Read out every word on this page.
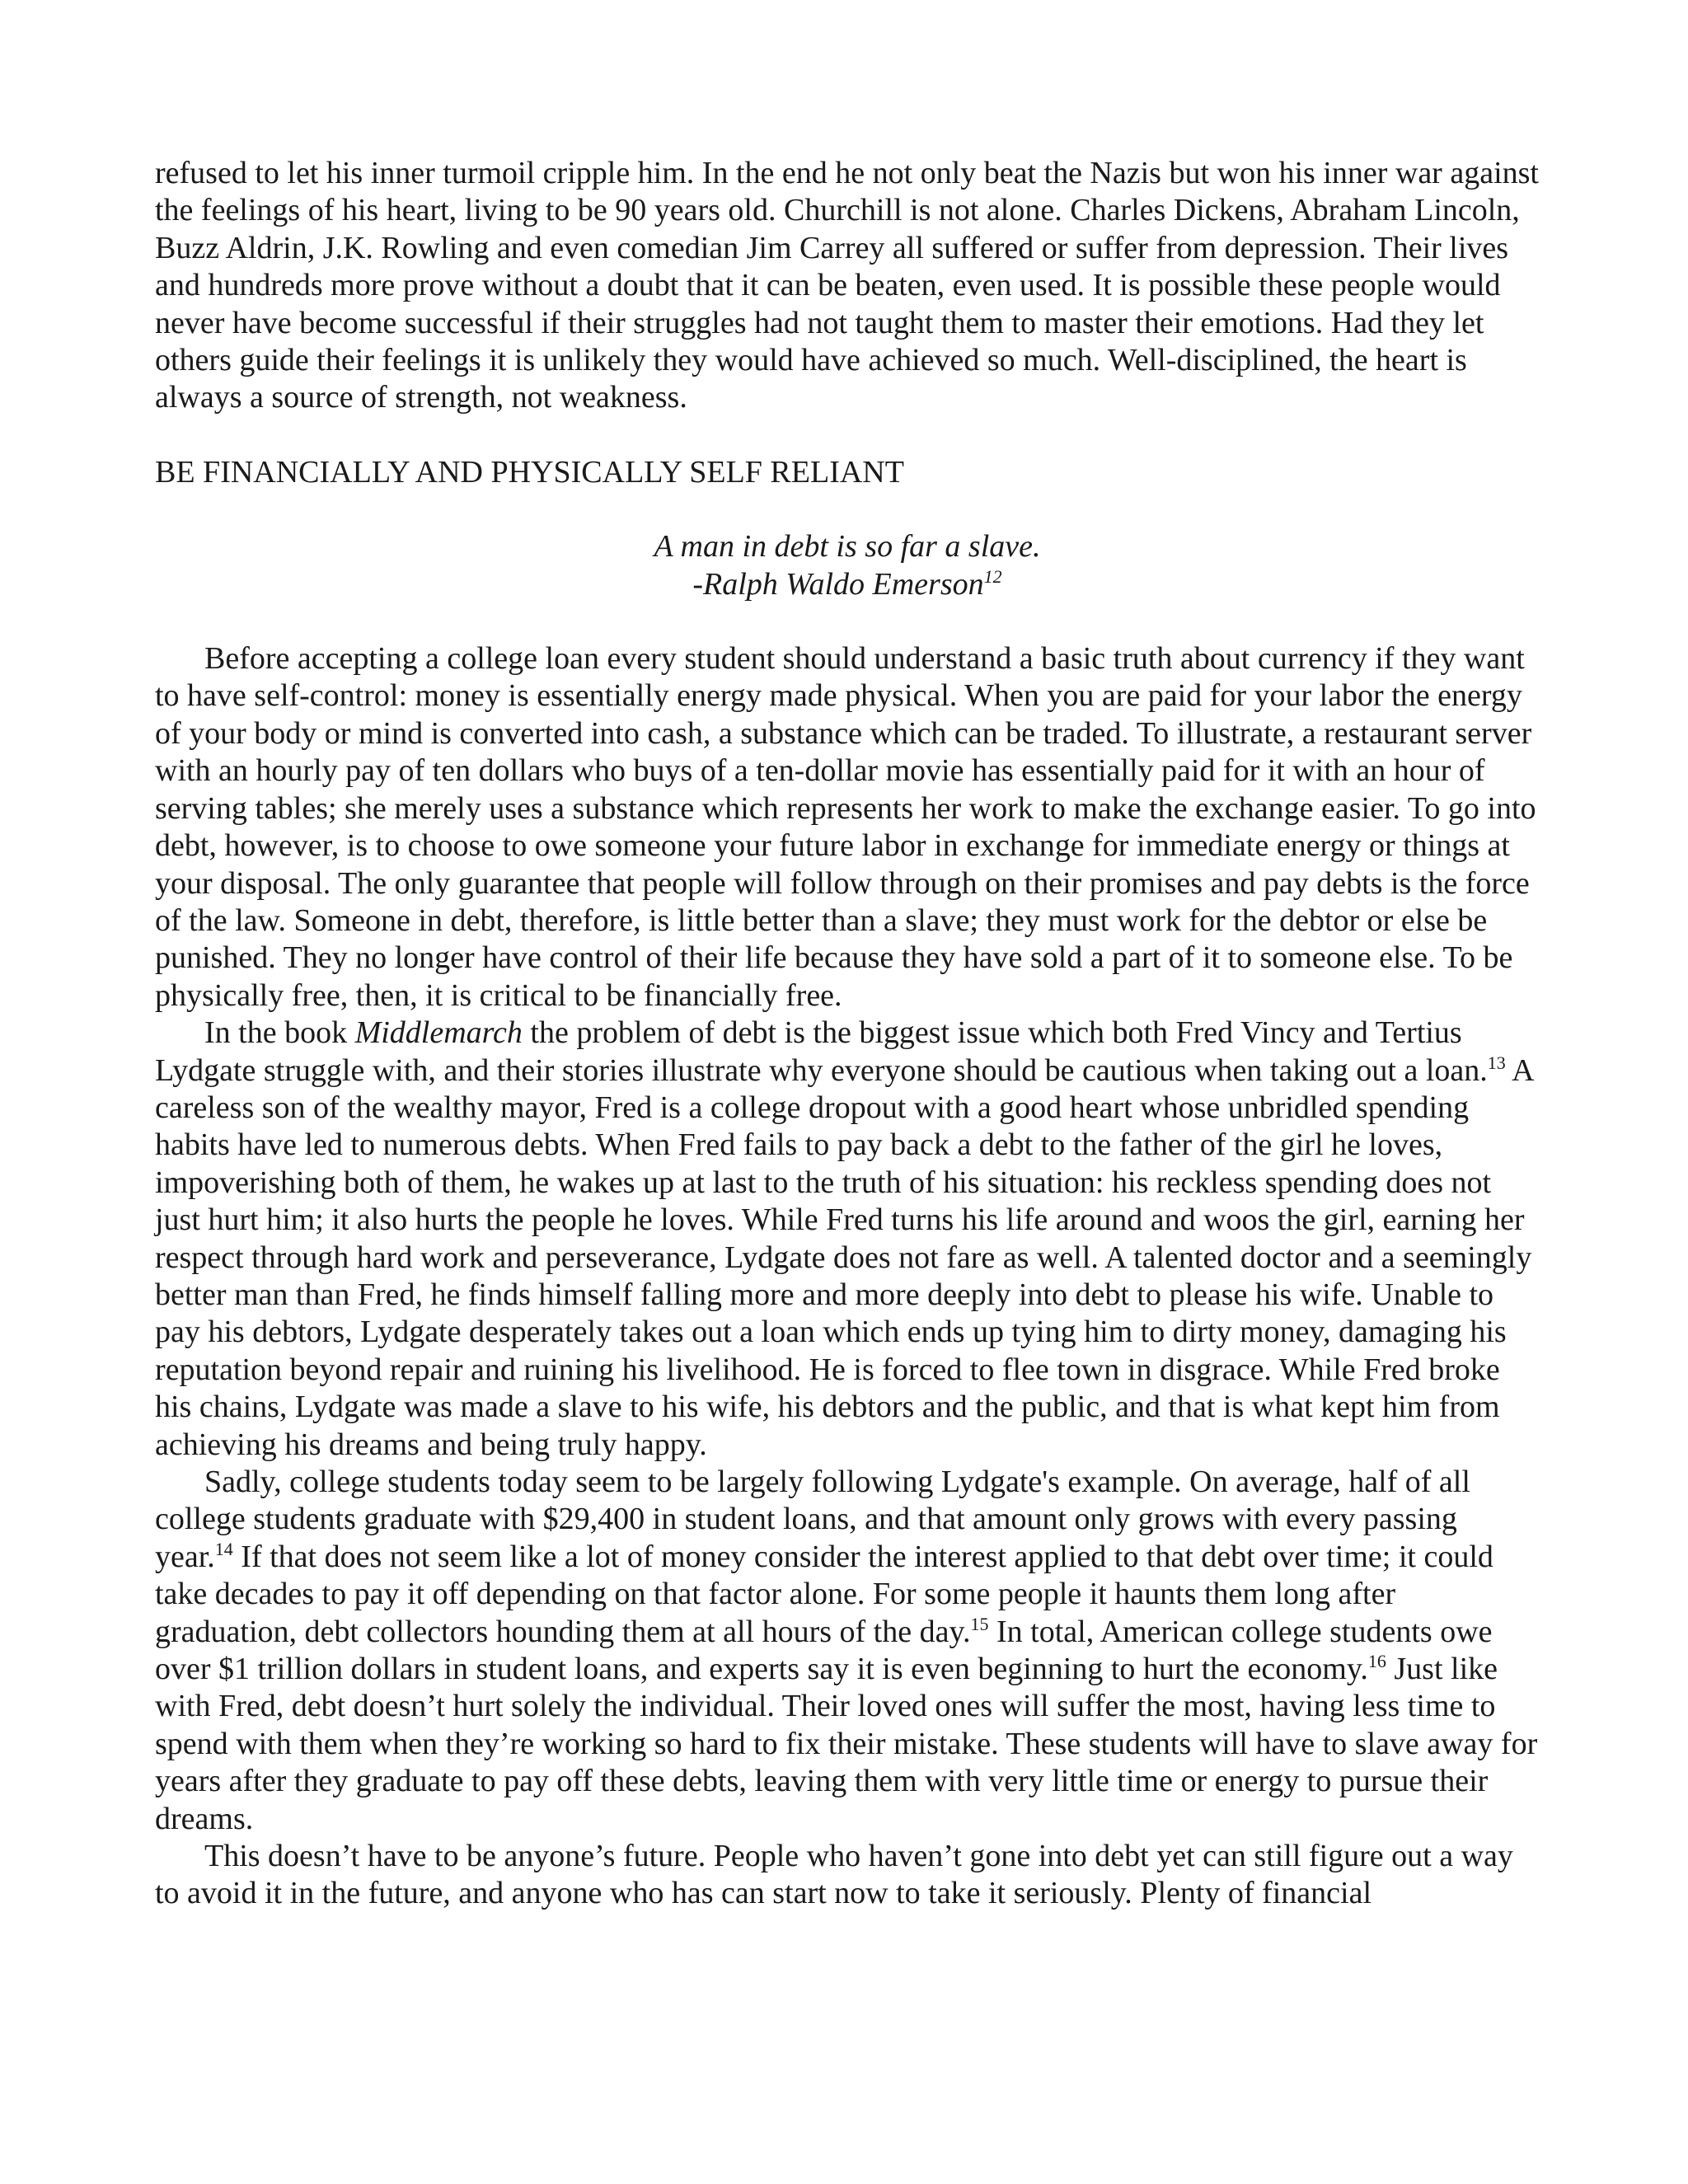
refused to let his inner turmoil cripple him. In the end he not only beat the Nazis but won his inner war against the feelings of his heart, living to be 90 years old. Churchill is not alone. Charles Dickens, Abraham Lincoln, Buzz Aldrin, J.K. Rowling and even comedian Jim Carrey all suffered or suffer from depression. Their lives and hundreds more prove without a doubt that it can be beaten, even used. It is possible these people would never have become successful if their struggles had not taught them to master their emotions. Had they let others guide their feelings it is unlikely they would have achieved so much. Well-disciplined, the heart is always a source of strength, not weakness.

BE FINANCIALLY AND PHYSICALLY SELF RELIANT

A man in debt is so far a slave.
-Ralph Waldo Emerson$^{12}$

Before accepting a college loan every student should understand a basic truth about currency if they want to have self-control: money is essentially energy made physical. When you are paid for your labor the energy of your body or mind is converted into cash, a substance which can be traded. To illustrate, a restaurant server with an hourly pay of ten dollars who buys of a ten-dollar movie has essentially paid for it with an hour of serving tables; she merely uses a substance which represents her work to make the exchange easier. To go into debt, however, is to choose to owe someone your future labor in exchange for immediate energy or things at your disposal. The only guarantee that people will follow through on their promises and pay debts is the force of the law. Someone in debt, therefore, is little better than a slave; they must work for the debtor or else be punished. They no longer have control of their life because they have sold a part of it to someone else. To be physically free, then, it is critical to be financially free.

In the book Middlemarch the problem of debt is the biggest issue which both Fred Vincy and Tertius Lydgate struggle with, and their stories illustrate why everyone should be cautious when taking out a loan.$^{13}$ A careless son of the wealthy mayor, Fred is a college dropout with a good heart whose unbridled spending habits have led to numerous debts. When Fred fails to pay back a debt to the father of the girl he loves, impoverishing both of them, he wakes up at last to the truth of his situation: his reckless spending does not just hurt him; it also hurts the people he loves. While Fred turns his life around and woos the girl, earning her respect through hard work and perseverance, Lydgate does not fare as well. A talented doctor and a seemingly better man than Fred, he finds himself falling more and more deeply into debt to please his wife. Unable to pay his debtors, Lydgate desperately takes out a loan which ends up tying him to dirty money, damaging his reputation beyond repair and ruining his livelihood. He is forced to flee town in disgrace. While Fred broke his chains, Lydgate was made a slave to his wife, his debtors and the public, and that is what kept him from achieving his dreams and being truly happy.

Sadly, college students today seem to be largely following Lydgate's example. On average, half of all college students graduate with $29,400 in student loans, and that amount only grows with every passing year.$^{14}$ If that does not seem like a lot of money consider the interest applied to that debt over time; it could take decades to pay it off depending on that factor alone. For some people it haunts them long after graduation, debt collectors hounding them at all hours of the day.$^{15}$ In total, American college students owe over $1 trillion dollars in student loans, and experts say it is even beginning to hurt the economy.$^{16}$ Just like with Fred, debt doesn’t hurt solely the individual. Their loved ones will suffer the most, having less time to spend with them when they’re working so hard to fix their mistake. These students will have to slave away for years after they graduate to pay off these debts, leaving them with very little time or energy to pursue their dreams.

This doesn’t have to be anyone’s future. People who haven’t gone into debt yet can still figure out a way to avoid it in the future, and anyone who has can start now to take it seriously. Plenty of financial
